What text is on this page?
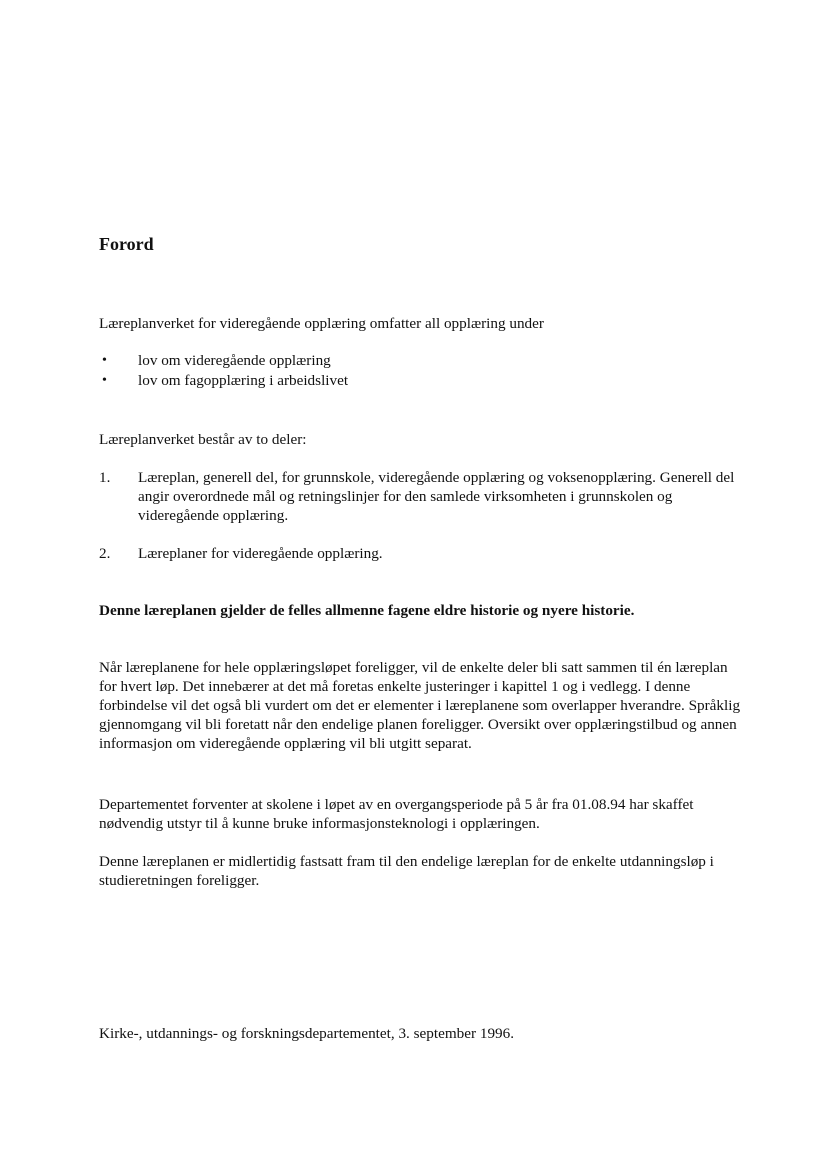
Forord

Læreplanverket for videregående opplæring omfatter all opplæring under

• lov om videregående opplæring
• lov om fagopplæring i arbeidslivet

Læreplanverket består av to deler:

1. Læreplan, generell del, for grunnskole, videregående opplæring og voksenopplæring. Generell del angir overordnede mål og retningslinjer for den samlede virksomheten i grunnskolen og videregående opplæring.
2. Læreplaner for videregående opplæring.

Denne læreplanen gjelder de felles allmenne fagene eldre historie og nyere historie.

Når læreplanene for hele opplæringsløpet foreligger, vil de enkelte deler bli satt sammen til én læreplan for hvert løp. Det innebærer at det må foretas enkelte justeringer i kapittel 1 og i vedlegg. I denne forbindelse vil det også bli vurdert om det er elementer i læreplanene som overlapper hverandre. Språklig gjennomgang vil bli foretatt når den endelige planen foreligger. Oversikt over opplæringstilbud og annen informasjon om videregående opplæring vil bli utgitt separat.

Departementet forventer at skolene i løpet av en overgangsperiode på 5 år fra 01.08.94 har skaffet nødvendig utstyr til å kunne bruke informasjonsteknologi i opplæringen.

Denne læreplanen er midlertidig fastsatt fram til den endelige læreplan for de enkelte utdanningsløp i studieretningen foreligger.

Kirke-, utdannings- og forskningsdepartementet, 3. september 1996.
